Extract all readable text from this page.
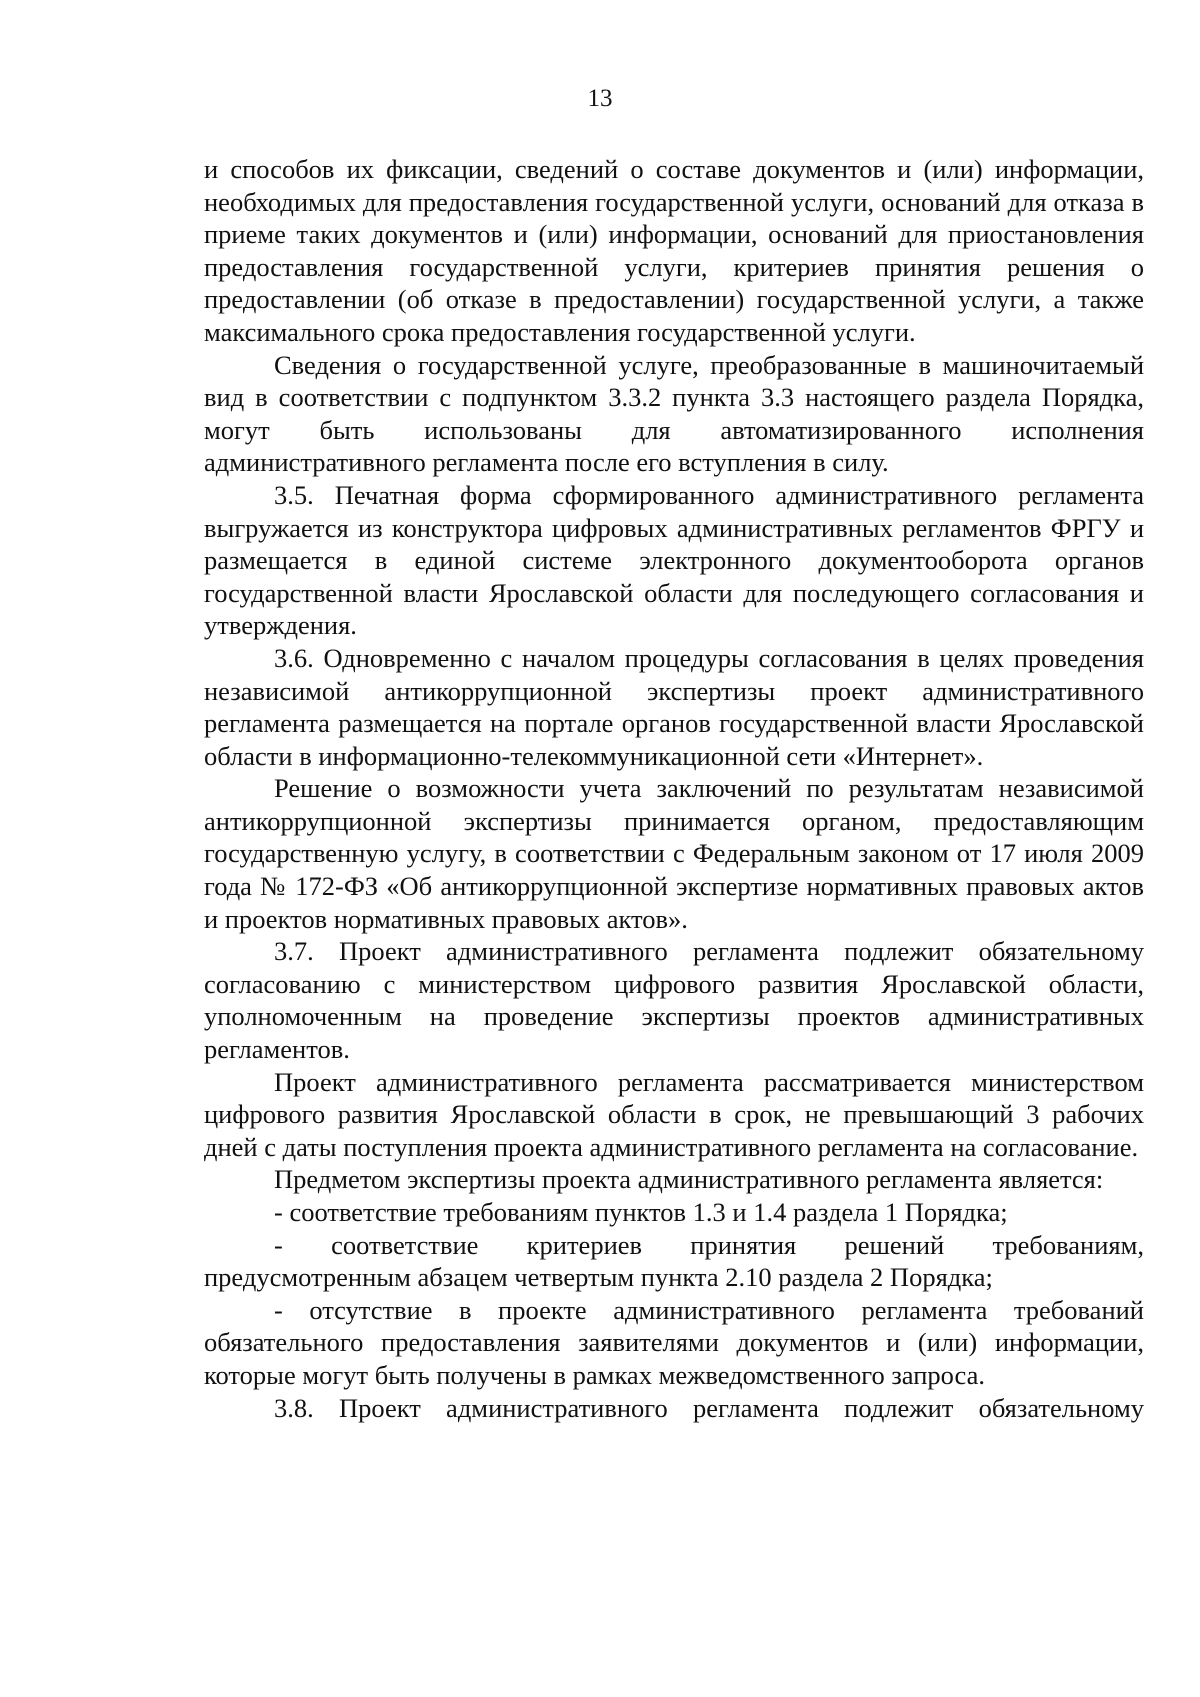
13

и способов их фиксации, сведений о составе документов и (или) информации, необходимых для предоставления государственной услуги, оснований для отказа в приеме таких документов и (или) информации, оснований для приостановления предоставления государственной услуги, критериев принятия решения о предоставлении (об отказе в предоставлении) государственной услуги, а также максимального срока предоставления государственной услуги.

Сведения о государственной услуге, преобразованные в машиночитаемый вид в соответствии с подпунктом 3.3.2 пункта 3.3 настоящего раздела Порядка, могут быть использованы для автоматизированного исполнения административного регламента после его вступления в силу.

3.5. Печатная форма сформированного административного регламента выгружается из конструктора цифровых административных регламентов ФРГУ и размещается в единой системе электронного документооборота органов государственной власти Ярославской области для последующего согласования и утверждения.

3.6. Одновременно с началом процедуры согласования в целях проведения независимой антикоррупционной экспертизы проект административного регламента размещается на портале органов государственной власти Ярославской области в информационно-телекоммуникационной сети «Интернет».

Решение о возможности учета заключений по результатам независимой антикоррупционной экспертизы принимается органом, предоставляющим государственную услугу, в соответствии с Федеральным законом от 17 июля 2009 года № 172-ФЗ «Об антикоррупционной экспертизе нормативных правовых актов и проектов нормативных правовых актов».

3.7. Проект административного регламента подлежит обязательному согласованию с министерством цифрового развития Ярославской области, уполномоченным на проведение экспертизы проектов административных регламентов.

Проект административного регламента рассматривается министерством цифрового развития Ярославской области в срок, не превышающий 3 рабочих дней с даты поступления проекта административного регламента на согласование.

Предметом экспертизы проекта административного регламента является:

- соответствие требованиям пунктов 1.3 и 1.4 раздела 1 Порядка;

- соответствие критериев принятия решений требованиям, предусмотренным абзацем четвертым пункта 2.10 раздела 2 Порядка;

- отсутствие в проекте административного регламента требований обязательного предоставления заявителями документов и (или) информации, которые могут быть получены в рамках межведомственного запроса.

3.8. Проект административного регламента подлежит обязательному
